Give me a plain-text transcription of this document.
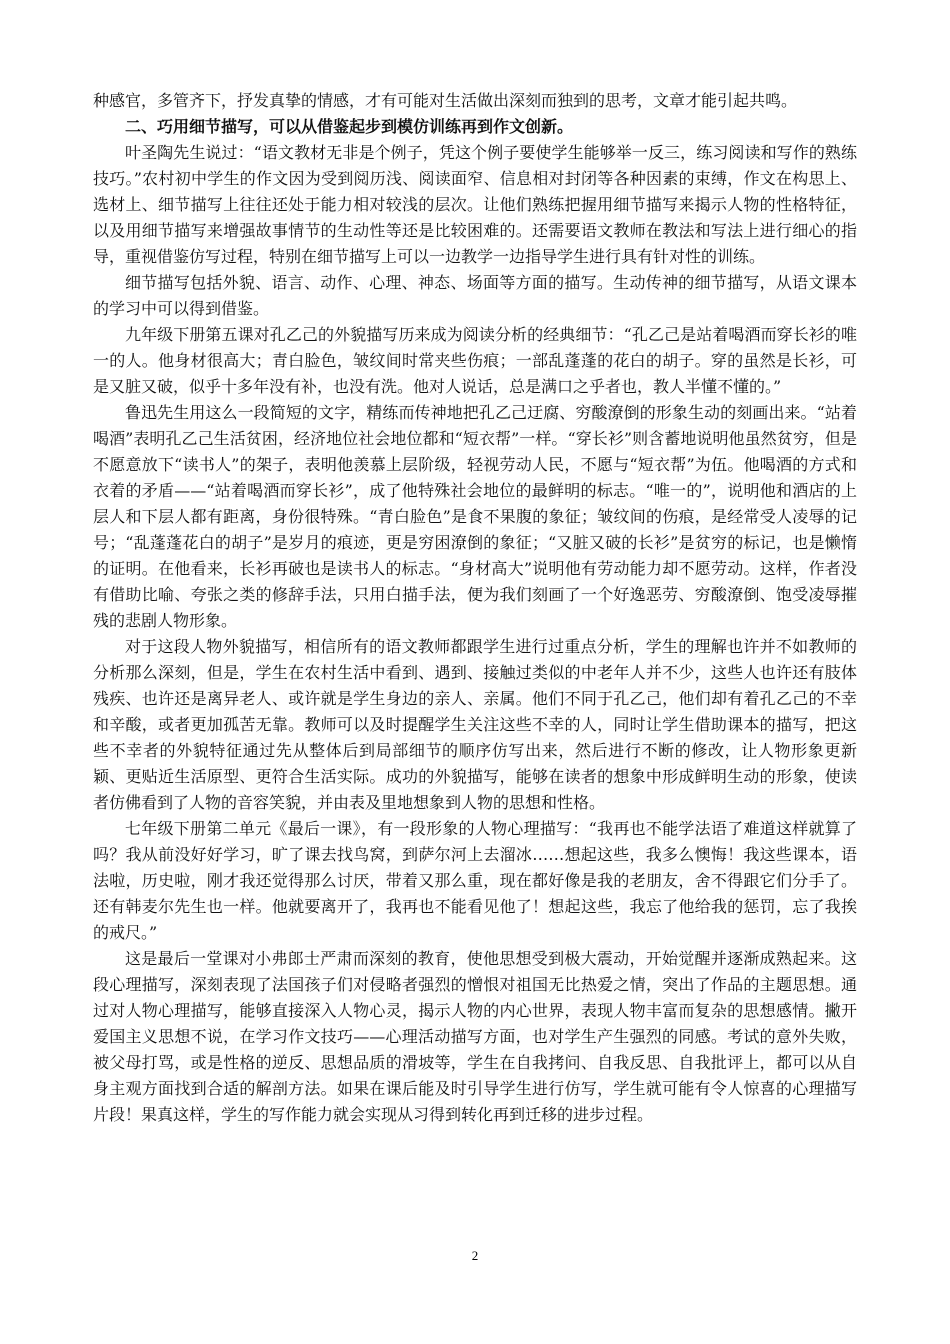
种感官，多管齐下，抒发真挚的情感，才有可能对生活做出深刻而独到的思考，文章才能引起共鸣。

二、巧用细节描写，可以从借鉴起步到模仿训练再到作文创新。

叶圣陶先生说过：“语文教材无非是个例子，凭这个例子要使学生能够举一反三，练习阅读和写作的熟练技巧。”农村初中学生的作文因为受到阅历浅、阅读面窄、信息相对封闭等各种因素的束缚，作文在构思上、选材上、细节描写上往往还处于能力相对较浅的层次。让他们熟练把握用细节描写来揭示人物的性格特征，以及用细节描写来增强故事情节的生动性等还是比较困难的。还需要语文教师在教法和写法上进行细心的指导，重视借鉴仿写过程，特别在细节描写上可以一边教学一边指导学生进行具有针对性的训练。

细节描写包括外貌、语言、动作、心理、神态、场面等方面的描写。生动传神的细节描写，从语文课本的学习中可以得到借鉴。

九年级下册第五课对孔乙己的外貌描写历来成为阅读分析的经典细节：“孔乙己是站着喝酒而穿长衫的唯一的人。他身材很高大；青白脸色，皱纹间时常夹些伤痕；一部乱蓬蓬的花白的胡子。穿的虽然是长衫，可是又脏又破，似乎十多年没有补，也没有洗。他对人说话，总是满口之乎者也，教人半懂不懂的。”

鲁迅先生用这么一段简短的文字，精练而传神地把孔乙己迂腐、穷酸潦倒的形象生动的刻画出来。“站着喝酒”表明孔乙己生活贫困，经济地位社会地位都和“短衣帮”一样。“穿长衫”则含蓄地说明他虽然贫穷，但是不愿意放下“读书人”的架子，表明他羡慕上层阶级，轻视劳动人民，不愿与“短衣帮”为伍。他喝酒的方式和衣着的矛盾——“站着喝酒而穿长衫”，成了他特殊社会地位的最鲜明的标志。“唯一的”，说明他和酒店的上层人和下层人都有距离，身份很特殊。“青白脸色”是食不果腹的象征；皱纹间的伤痕，是经常受人凌辱的记号；“乱蓬蓬花白的胡子”是岁月的痕迹，更是穷困潦倒的象征；“又脏又破的长衫”是贫穷的标记，也是懒惰的证明。在他看来，长衫再破也是读书人的标志。“身材高大”说明他有劳动能力却不愿劳动。这样，作者没有借助比喻、夸张之类的修辞手法，只用白描手法，便为我们刻画了一个好逸恶劳、穷酸潦倒、饱受凌辱摧残的悲剧人物形象。

对于这段人物外貌描写，相信所有的语文教师都跟学生进行过重点分析，学生的理解也许并不如教师的分析那么深刻，但是，学生在农村生活中看到、遇到、接触过类似的中老年人并不少，这些人也许还有肢体残疾、也许还是离异老人、或许就是学生身边的亲人、亲属。他们不同于孔乙己，他们却有着孔乙己的不幸和辛酸，或者更加孤苦无靠。教师可以及时提醒学生关注这些不幸的人，同时让学生借助课本的描写，把这些不幸者的外貌特征通过先从整体后到局部细节的顺序仿写出来，然后进行不断的修改，让人物形象更新颖、更贴近生活原型、更符合生活实际。成功的外貌描写，能够在读者的想象中形成鲜明生动的形象，使读者仿佛看到了人物的音容笑貌，并由表及里地想象到人物的思想和性格。

七年级下册第二单元《最后一课》，有一段形象的人物心理描写：“我再也不能学法语了难道这样就算了吗？我从前没好好学习，旷了课去找鸟窝，到萨尔河上去溜冰……想起这些，我多么懊悔！我这些课本，语法啦，历史啦，刚才我还觉得那么讨厌，带着又那么重，现在都好像是我的老朋友，舍不得跟它们分手了。还有韩麦尔先生也一样。他就要离开了，我再也不能看见他了！想起这些，我忘了他给我的惩罚，忘了我挨的戒尺。”

这是最后一堂课对小弗郎士严肃而深刻的教育，使他思想受到极大震动，开始觉醒并逐渐成熟起来。这段心理描写，深刻表现了法国孩子们对侵略者强烈的憎恨对祖国无比热爱之情，突出了作品的主题思想。通过对人物心理描写，能够直接深入人物心灵，揭示人物的内心世界，表现人物丰富而复杂的思想感情。撇开爱国主义思想不说，在学习作文技巧——心理活动描写方面，也对学生产生强烈的同感。考试的意外失败，被父母打骂，或是性格的逆反、思想品质的滑坡等，学生在自我拷问、自我反思、自我批评上，都可以从自身主观方面找到合适的解剖方法。如果在课后能及时引导学生进行仿写，学生就可能有令人惊喜的心理描写片段！果真这样，学生的写作能力就会实现从习得到转化再到迁移的进步过程。

2
